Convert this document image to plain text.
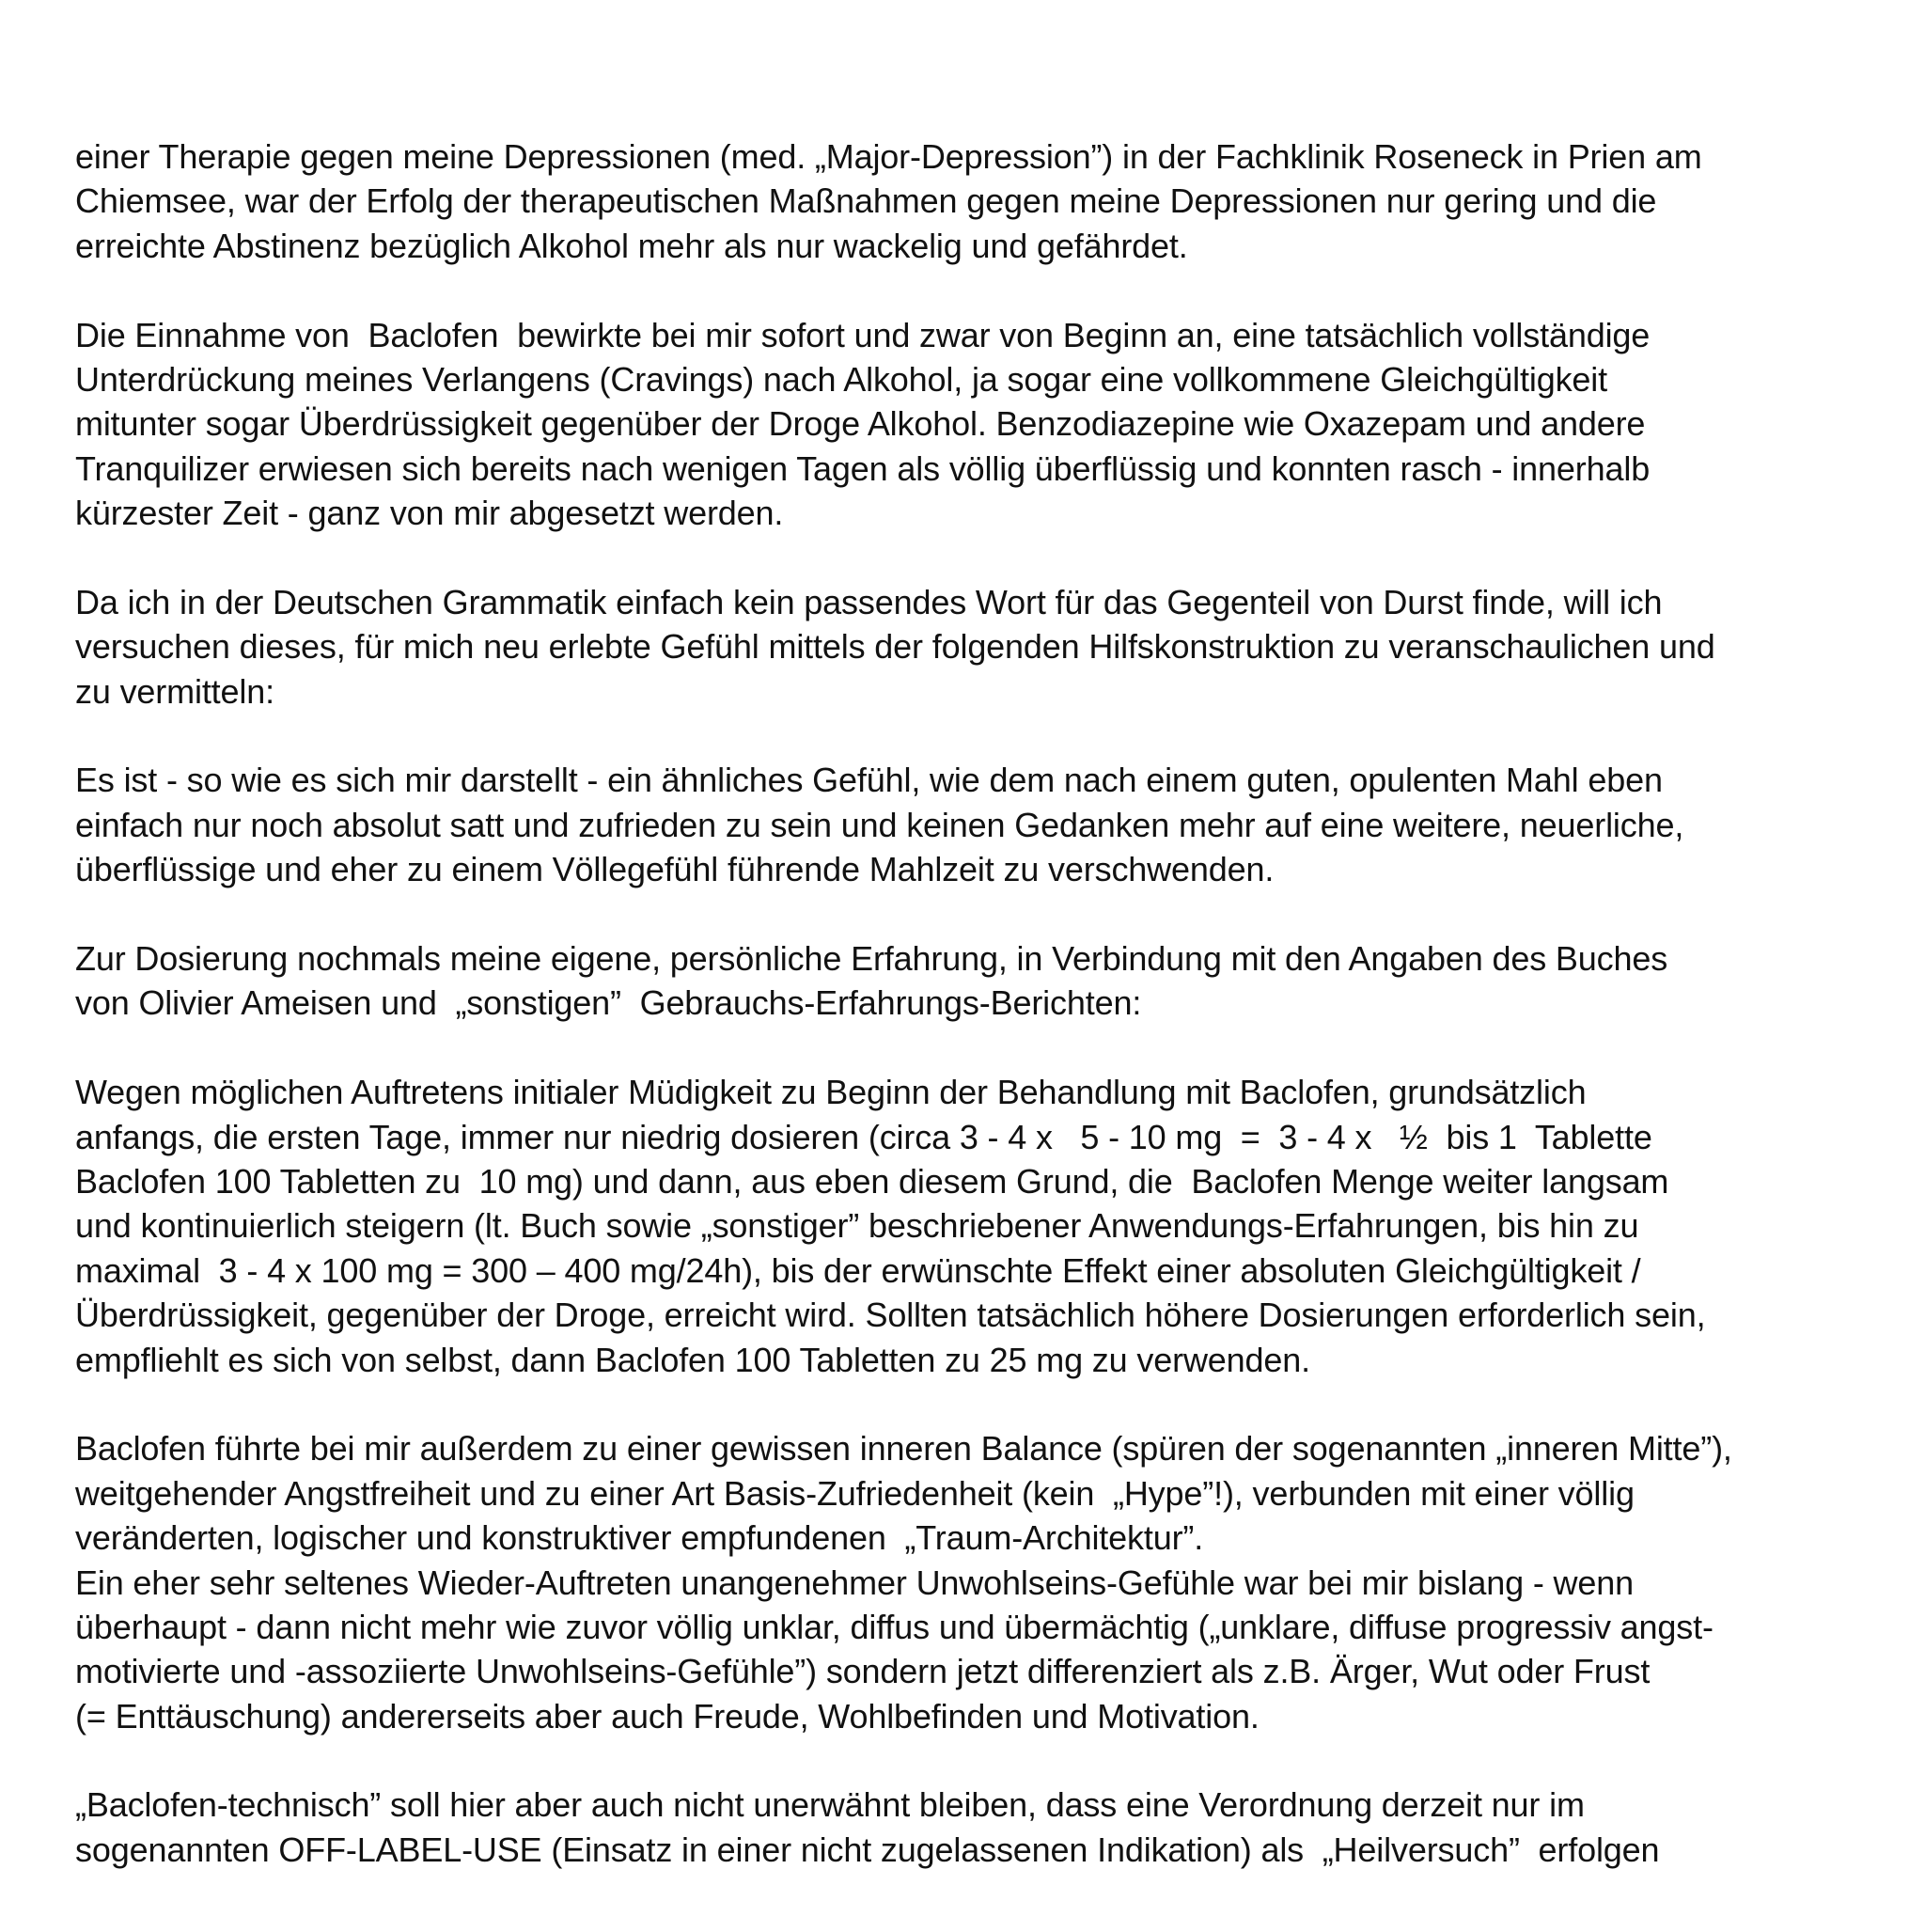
einer Therapie gegen meine Depressionen (med. „Major-Depression”) in der Fachklinik Roseneck in Prien am
Chiemsee, war der Erfolg der therapeutischen Maßnahmen gegen meine Depressionen nur gering und die
erreichte Abstinenz bezüglich Alkohol mehr als nur wackelig und gefährdet.
Die Einnahme von  Baclofen  bewirkte bei mir sofort und zwar von Beginn an, eine tatsächlich vollständige
Unterdrückung meines Verlangens (Cravings) nach Alkohol, ja sogar eine vollkommene Gleichgültigkeit
mitunter sogar Überdrüssigkeit gegenüber der Droge Alkohol. Benzodiazepine wie Oxazepam und andere
Tranquilizer erwiesen sich bereits nach wenigen Tagen als völlig überflüssig und konnten rasch - innerhalb
kürzester Zeit - ganz von mir abgesetzt werden.
Da ich in der Deutschen Grammatik einfach kein passendes Wort für das Gegenteil von Durst finde, will ich
versuchen dieses, für mich neu erlebte Gefühl mittels der folgenden Hilfskonstruktion zu veranschaulichen und
zu vermitteln:
Es ist - so wie es sich mir darstellt - ein ähnliches Gefühl, wie dem nach einem guten, opulenten Mahl eben
einfach nur noch absolut satt und zufrieden zu sein und keinen Gedanken mehr auf eine weitere, neuerliche,
überflüssige und eher zu einem Völlegefühl führende Mahlzeit zu verschwenden.
Zur Dosierung nochmals meine eigene, persönliche Erfahrung, in Verbindung mit den Angaben des Buches
von Olivier Ameisen und  „sonstigen”  Gebrauchs-Erfahrungs-Berichten:
Wegen möglichen Auftretens initialer Müdigkeit zu Beginn der Behandlung mit Baclofen, grundsätzlich
anfangs, die ersten Tage, immer nur niedrig dosieren (circa 3 - 4 x   5 - 10 mg  =  3 - 4 x   ½  bis 1  Tablette
Baclofen 100 Tabletten zu  10 mg) und dann, aus eben diesem Grund, die  Baclofen Menge weiter langsam
und kontinuierlich steigern (lt. Buch sowie „sonstiger” beschriebener Anwendungs-Erfahrungen, bis hin zu
maximal  3 - 4 x 100 mg = 300 – 400 mg/24h), bis der erwünschte Effekt einer absoluten Gleichgültigkeit /
Überdrüssigkeit, gegenüber der Droge, erreicht wird. Sollten tatsächlich höhere Dosierungen erforderlich sein,
empfliehlt es sich von selbst, dann Baclofen 100 Tabletten zu 25 mg zu verwenden.
Baclofen führte bei mir außerdem zu einer gewissen inneren Balance (spüren der sogenannten „inneren Mitte”),
weitgehender Angstfreiheit und zu einer Art Basis-Zufriedenheit (kein  „Hype”!), verbunden mit einer völlig
veränderten, logischer und konstruktiver empfundenen  „Traum-Architektur”.
Ein eher sehr seltenes Wieder-Auftreten unangenehmer Unwohlseins-Gefühle war bei mir bislang - wenn
überhaupt - dann nicht mehr wie zuvor völlig unklar, diffus und übermächtig („unklare, diffuse progressiv angst-
motivierte und -assoziierte Unwohlseins-Gefühle”) sondern jetzt differenziert als z.B. Ärger, Wut oder Frust
(= Enttäuschung) andererseits aber auch Freude, Wohlbefinden und Motivation.
„Baclofen-technisch” soll hier aber auch nicht unerwähnt bleiben, dass eine Verordnung derzeit nur im
sogenannten OFF-LABEL-USE (Einsatz in einer nicht zugelassenen Indikation) als  „Heilversuch”  erfolgen
